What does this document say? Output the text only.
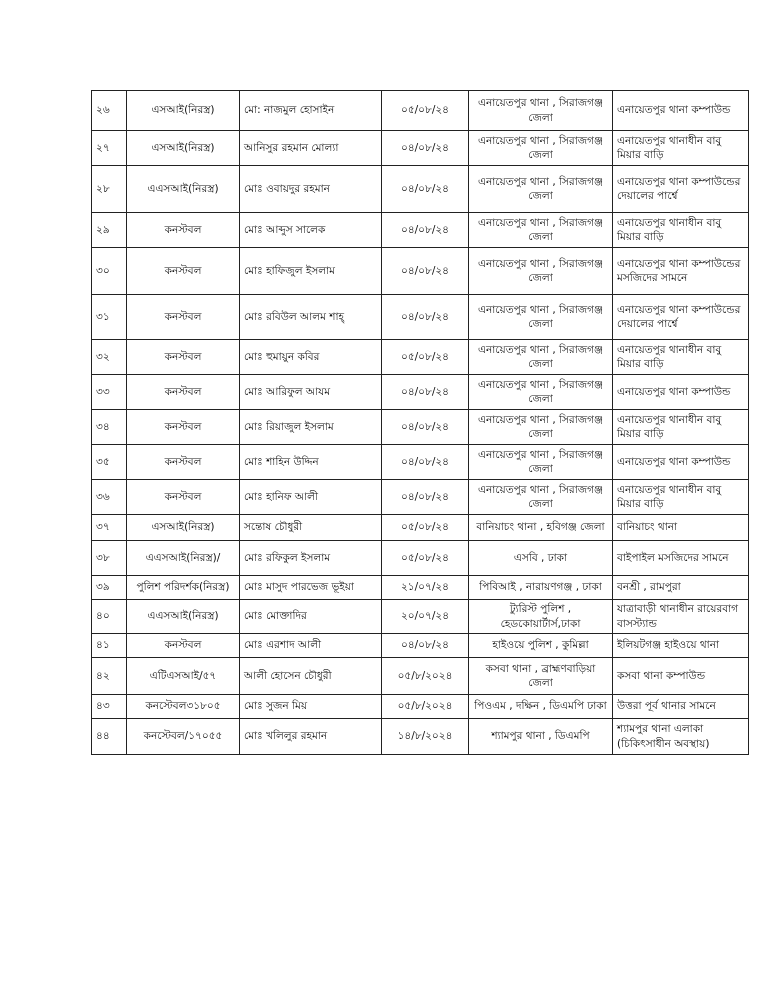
২৬	এসআই(নিরস্ত্র)	মো: নাজমুল হোসাইন	০৫/০৮/২৪	এনায়েতপুর থানা , সিরাজগঞ্জ জেলা	এনায়েতপুর থানা কম্পাউন্ড
২৭	এসআই(নিরস্ত্র)	আনিসুর রহমান মোল্যা	০৪/০৮/২৪	এনায়েতপুর থানা , সিরাজগঞ্জ জেলা	এনায়েতপুর থানাধীন বাবু মিয়ার বাড়ি
২৮	এএসআই(নিরস্ত্র)	মোঃ ওবায়দুর রহমান	০৪/০৮/২৪	এনায়েতপুর থানা , সিরাজগঞ্জ জেলা	এনায়েতপুর থানা কম্পাউন্ডের দেয়ালের পার্শ্বে
২৯	কনস্টবল	মোঃ আব্দুস সালেক	০৪/০৮/২৪	এনায়েতপুর থানা , সিরাজগঞ্জ জেলা	এনায়েতপুর থানাধীন বাবু মিয়ার বাড়ি
৩০	কনস্টবল	মোঃ হাফিজুল ইসলাম	০৪/০৮/২৪	এনায়েতপুর থানা , সিরাজগঞ্জ জেলা	এনায়েতপুর থানা কম্পাউন্ডের মসজিদের সামনে
৩১	কনস্টবল	মোঃ রবিউল আলম শাহ্	০৪/০৮/২৪	এনায়েতপুর থানা , সিরাজগঞ্জ জেলা	এনায়েতপুর থানা কম্পাউন্ডের দেয়ালের পার্শ্বে
৩২	কনস্টবল	মোঃ হুমায়ুন কবির	০৫/০৮/২৪	এনায়েতপুর থানা , সিরাজগঞ্জ জেলা	এনায়েতপুর থানাধীন বাবু মিয়ার বাড়ি
৩৩	কনস্টবল	মোঃ আরিফুল আযম	০৪/০৮/২৪	এনায়েতপুর থানা , সিরাজগঞ্জ জেলা	এনায়েতপুর থানা কম্পাউন্ড
৩৪	কনস্টবল	মোঃ রিয়াজুল ইসলাম	০৪/০৮/২৪	এনায়েতপুর থানা , সিরাজগঞ্জ জেলা	এনায়েতপুর থানাধীন বাবু মিয়ার বাড়ি
৩৫	কনস্টবল	মোঃ শাহিন উদ্দিন	০৪/০৮/২৪	এনায়েতপুর থানা , সিরাজগঞ্জ জেলা	এনায়েতপুর থানা কম্পাউন্ড
৩৬	কনস্টবল	মোঃ হানিফ আলী	০৪/০৮/২৪	এনায়েতপুর থানা , সিরাজগঞ্জ জেলা	এনায়েতপুর থানাধীন বাবু মিয়ার বাড়ি
৩৭	এসআই(নিরস্ত্র)	সন্তোষ চৌধুরী	০৫/০৮/২৪	বানিয়াচং থানা , হবিগঞ্জ জেলা	বানিয়াচং থানা
৩৮	এএসআই(নিরস্ত্র)/	মোঃ রফিকুল ইসলাম	০৫/০৮/২৪	এসবি , ঢাকা	বাইপাইল মসজিদের সামনে
৩৯	পুলিশ পরিদর্শক(নিরস্ত্র)	মোঃ মাসুদ পারভেজ ভূইয়া	২১/০৭/২৪	পিবিআই , নারায়ণগঞ্জ , ঢাকা	বনশ্রী , রামপুরা
৪০	এএসআই(নিরস্ত্র)	মোঃ মোক্তাদির	২০/০৭/২৪	ট্যুরিস্ট পুলিশ , হেডকোয়ার্টার্স,ঢাকা	যাত্রাবাড়ী থানাধীন রায়েরবাগ বাসস্ট্যান্ড
৪১	কনস্টবল	মোঃ এরশাদ আলী	০৪/০৮/২৪	হাইওয়ে পুলিশ , কুমিল্লা	ইলিয়টগঞ্জ হাইওয়ে থানা
৪২	এটিএসআই/৫৭	আলী হোসেন চৌধুরী	০৫/৮/২০২৪	কসবা থানা , ব্রাহ্মণবাড়িয়া জেলা	কসবা থানা কম্পাউন্ড
৪৩	কনস্টেবল৩১৮০৫	মোঃ সুজন মিয়	০৫/৮/২০২৪	পিওএম , দক্ষিন , ডিএমপি ঢাকা	উত্তরা পূর্ব থানার সামনে
৪৪	কনস্টেবল/১৭০৫৫	মোঃ খলিলুর রহমান	১৪/৮/২০২৪	শ্যামপুর থানা , ডিএমপি	শ্যামপুর থানা এলাকা (চিকিৎসাধীন অবস্থায়)
